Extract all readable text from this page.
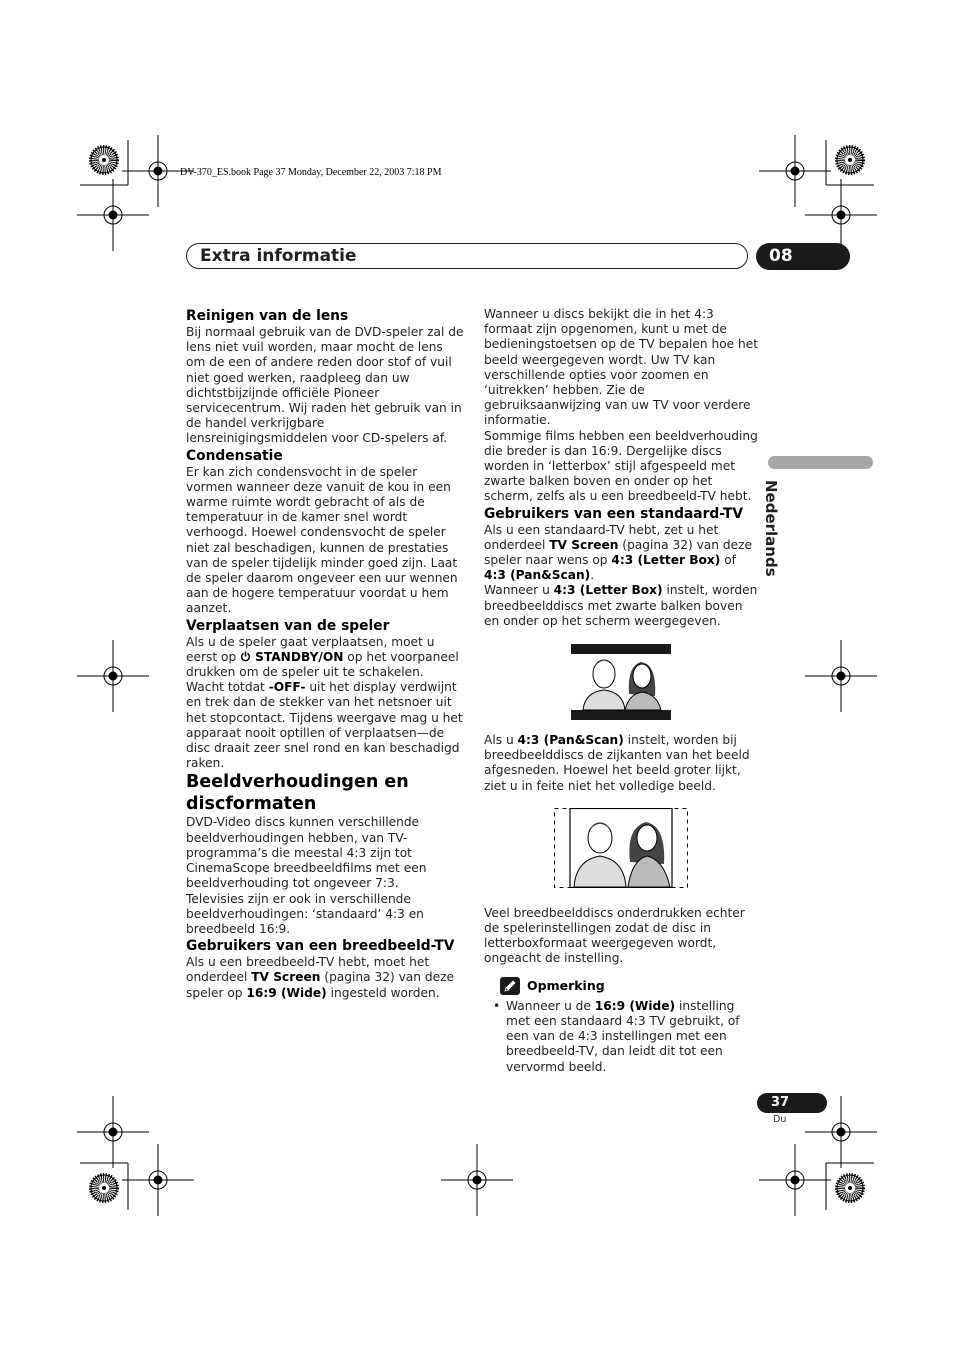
DV-370_ES.book Page 37 Monday, December 22, 2003 7:18 PM
Extra informatie	08
Nederlands
Reinigen van de lens

Bij normaal gebruik van de DVD-speler zal de lens niet vuil worden, maar mocht de lens om de een of andere reden door stof of vuil niet goed werken, raadpleeg dan uw dichtstbijzijnde officiële Pioneer servicecentrum. Wij raden het gebruik van in de handel verkrijgbare lensreinigingsmiddelen voor CD-spelers af.

Condensatie

Er kan zich condensvocht in de speler vormen wanneer deze vanuit de kou in een warme ruimte wordt gebracht of als de temperatuur in de kamer snel wordt verhoogd. Hoewel condensvocht de speler niet zal beschadigen, kunnen de prestaties van de speler tijdelijk minder goed zijn. Laat de speler daarom ongeveer een uur wennen aan de hogere temperatuur voordat u hem aanzet.

Verplaatsen van de speler

Als u de speler gaat verplaatsen, moet u eerst op STANDBY/ON op het voorpaneel drukken om de speler uit te schakelen. Wacht totdat -OFF- uit het display verdwijnt en trek dan de stekker van het netsnoer uit het stopcontact. Tijdens weergave mag u het apparaat nooit optillen of verplaatsen—de disc draait zeer snel rond en kan beschadigd raken.

Beeldverhoudingen en discformaten

DVD-Video discs kunnen verschillende beeldverhoudingen hebben, van TV-programma’s die meestal 4:3 zijn tot CinemaScope breedbeeldfilms met een beeldverhouding tot ongeveer 7:3.

Televisies zijn er ook in verschillende beeldverhoudingen: ‘standaard’ 4:3 en breedbeeld 16:9.

Gebruikers van een breedbeeld-TV

Als u een breedbeeld-TV hebt, moet het onderdeel TV Screen (pagina 32) van deze speler op 16:9 (Wide) ingesteld worden.

Wanneer u discs bekijkt die in het 4:3 formaat zijn opgenomen, kunt u met de bedieningstoetsen op de TV bepalen hoe het beeld weergegeven wordt. Uw TV kan verschillende opties voor zoomen en ‘uitrekken’ hebben. Zie de gebruiksaanwijzing van uw TV voor verdere informatie.

Sommige films hebben een beeldverhouding die breder is dan 16:9. Dergelijke discs worden in ‘letterbox’ stijl afgespeeld met zwarte balken boven en onder op het scherm, zelfs als u een breedbeeld-TV hebt.

Gebruikers van een standaard-TV

Als u een standaard-TV hebt, zet u het onderdeel TV Screen (pagina 32) van deze speler naar wens op 4:3 (Letter Box) of 4:3 (Pan&Scan).

Wanneer u 4:3 (Letter Box) instelt, worden breedbeelddiscs met zwarte balken boven en onder op het scherm weergegeven.

Als u 4:3 (Pan&Scan) instelt, worden bij breedbeelddiscs de zijkanten van het beeld afgesneden. Hoewel het beeld groter lijkt, ziet u in feite niet het volledige beeld.

Veel breedbeelddiscs onderdrukken echter de spelerinstellingen zodat de disc in letterboxformaat weergegeven wordt, ongeacht de instelling.

Opmerking
• Wanneer u de 16:9 (Wide) instelling met een standaard 4:3 TV gebruikt, of een van de 4:3 instellingen met een breedbeeld-TV, dan leidt dit tot een vervormd beeld.

37
Du
